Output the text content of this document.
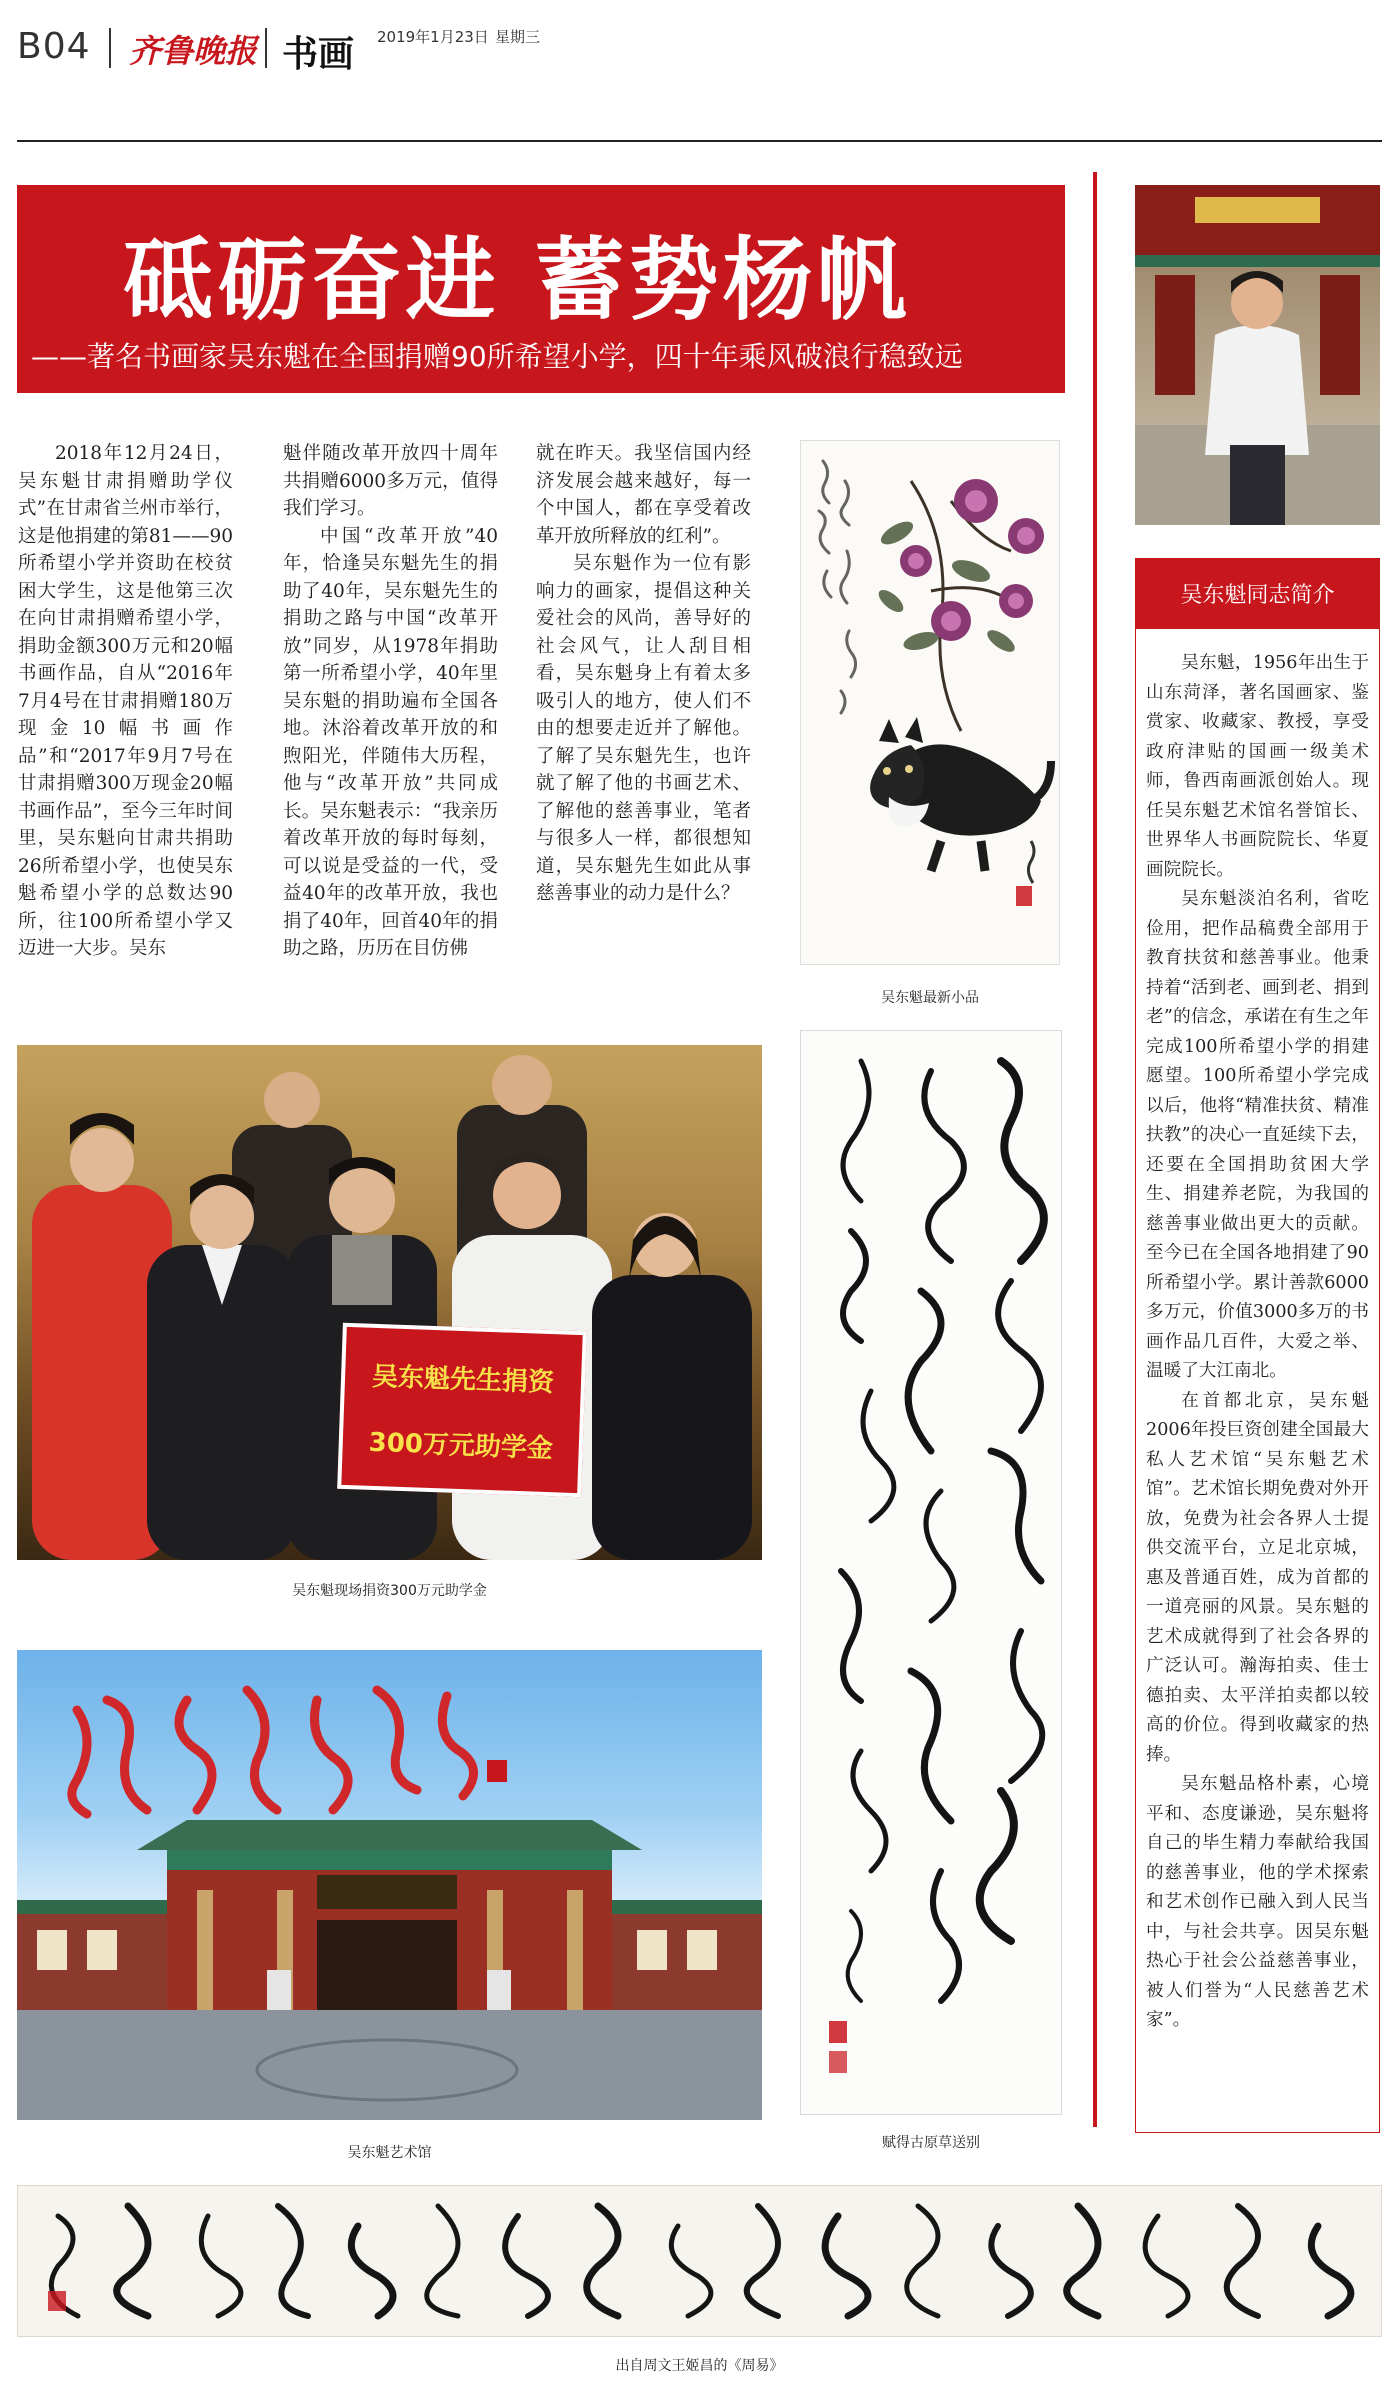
B04 齐鲁晚报 书画 2019年1月23日 星期三
砥砺奋进 蓄势杨帆
——著名书画家吴东魁在全国捐赠90所希望小学，四十年乘风破浪行稳致远

2018年12月24日，吴东魁甘肃捐赠助学仪式”在甘肃省兰州市举行，这是他捐建的第81——90所希望小学并资助在校贫困大学生，这是他第三次在向甘肃捐赠希望小学，捐助金额300万元和20幅书画作品，自从“2016年7月4号在甘肃捐赠180万现金10幅书画作品”和“2017年9月7号在甘肃捐赠300万现金20幅书画作品”，至今三年时间里，吴东魁向甘肃共捐助26所希望小学，也使吴东魁希望小学的总数达90所，往100所希望小学又迈进一大步。吴东

魁伴随改革开放四十周年共捐赠6000多万元，值得我们学习。

中国“改革开放”40年，恰逢吴东魁先生的捐助了40年，吴东魁先生的捐助之路与中国“改革开放”同岁，从1978年捐助第一所希望小学，40年里吴东魁的捐助遍布全国各地。沐浴着改革开放的和煦阳光，伴随伟大历程，他与“改革开放”共同成长。吴东魁表示：“我亲历着改革开放的每时每刻，可以说是受益的一代，受益40年的改革开放，我也捐了40年，回首40年的捐助之路，历历在目仿佛

就在昨天。我坚信国内经济发展会越来越好，每一个中国人，都在享受着改革开放所释放的红利”。

吴东魁作为一位有影响力的画家，提倡这种关爱社会的风尚，善导好的社会风气，让人刮目相看，吴东魁身上有着太多吸引人的地方，使人们不由的想要走近并了解他。了解了吴东魁先生，也许就了解了他的书画艺术、了解他的慈善事业，笔者与很多人一样，都很想知道，吴东魁先生如此从事慈善事业的动力是什么？

吴东魁最新小品
吴东魁先生捐资
300万元助学金
吴东魁现场捐资300万元助学金
吴东魁艺术馆
赋得古原草送别
吴东魁同志简介

吴东魁，1956年出生于山东菏泽，著名国画家、鉴赏家、收藏家、教授，享受政府津贴的国画一级美术师，鲁西南画派创始人。现任吴东魁艺术馆名誉馆长、世界华人书画院院长、华夏画院院长。

吴东魁淡泊名利，省吃俭用，把作品稿费全部用于教育扶贫和慈善事业。他秉持着“活到老、画到老、捐到老”的信念，承诺在有生之年完成100所希望小学的捐建愿望。100所希望小学完成以后，他将“精准扶贫、精准扶教”的决心一直延续下去，还要在全国捐助贫困大学生、捐建养老院，为我国的慈善事业做出更大的贡献。至今已在全国各地捐建了90所希望小学。累计善款6000多万元，价值3000多万的书画作品几百件，大爱之举、温暖了大江南北。

在首都北京，吴东魁2006年投巨资创建全国最大私人艺术馆“吴东魁艺术馆”。艺术馆长期免费对外开放，免费为社会各界人士提供交流平台，立足北京城，惠及普通百姓，成为首都的一道亮丽的风景。吴东魁的艺术成就得到了社会各界的广泛认可。瀚海拍卖、佳士德拍卖、太平洋拍卖都以较高的价位。得到收藏家的热捧。

吴东魁品格朴素，心境平和、态度谦逊，吴东魁将自己的毕生精力奉献给我国的慈善事业，他的学术探索和艺术创作已融入到人民当中，与社会共享。因吴东魁热心于社会公益慈善事业，被人们誉为“人民慈善艺术家”。

出自周文王姬昌的《周易》
